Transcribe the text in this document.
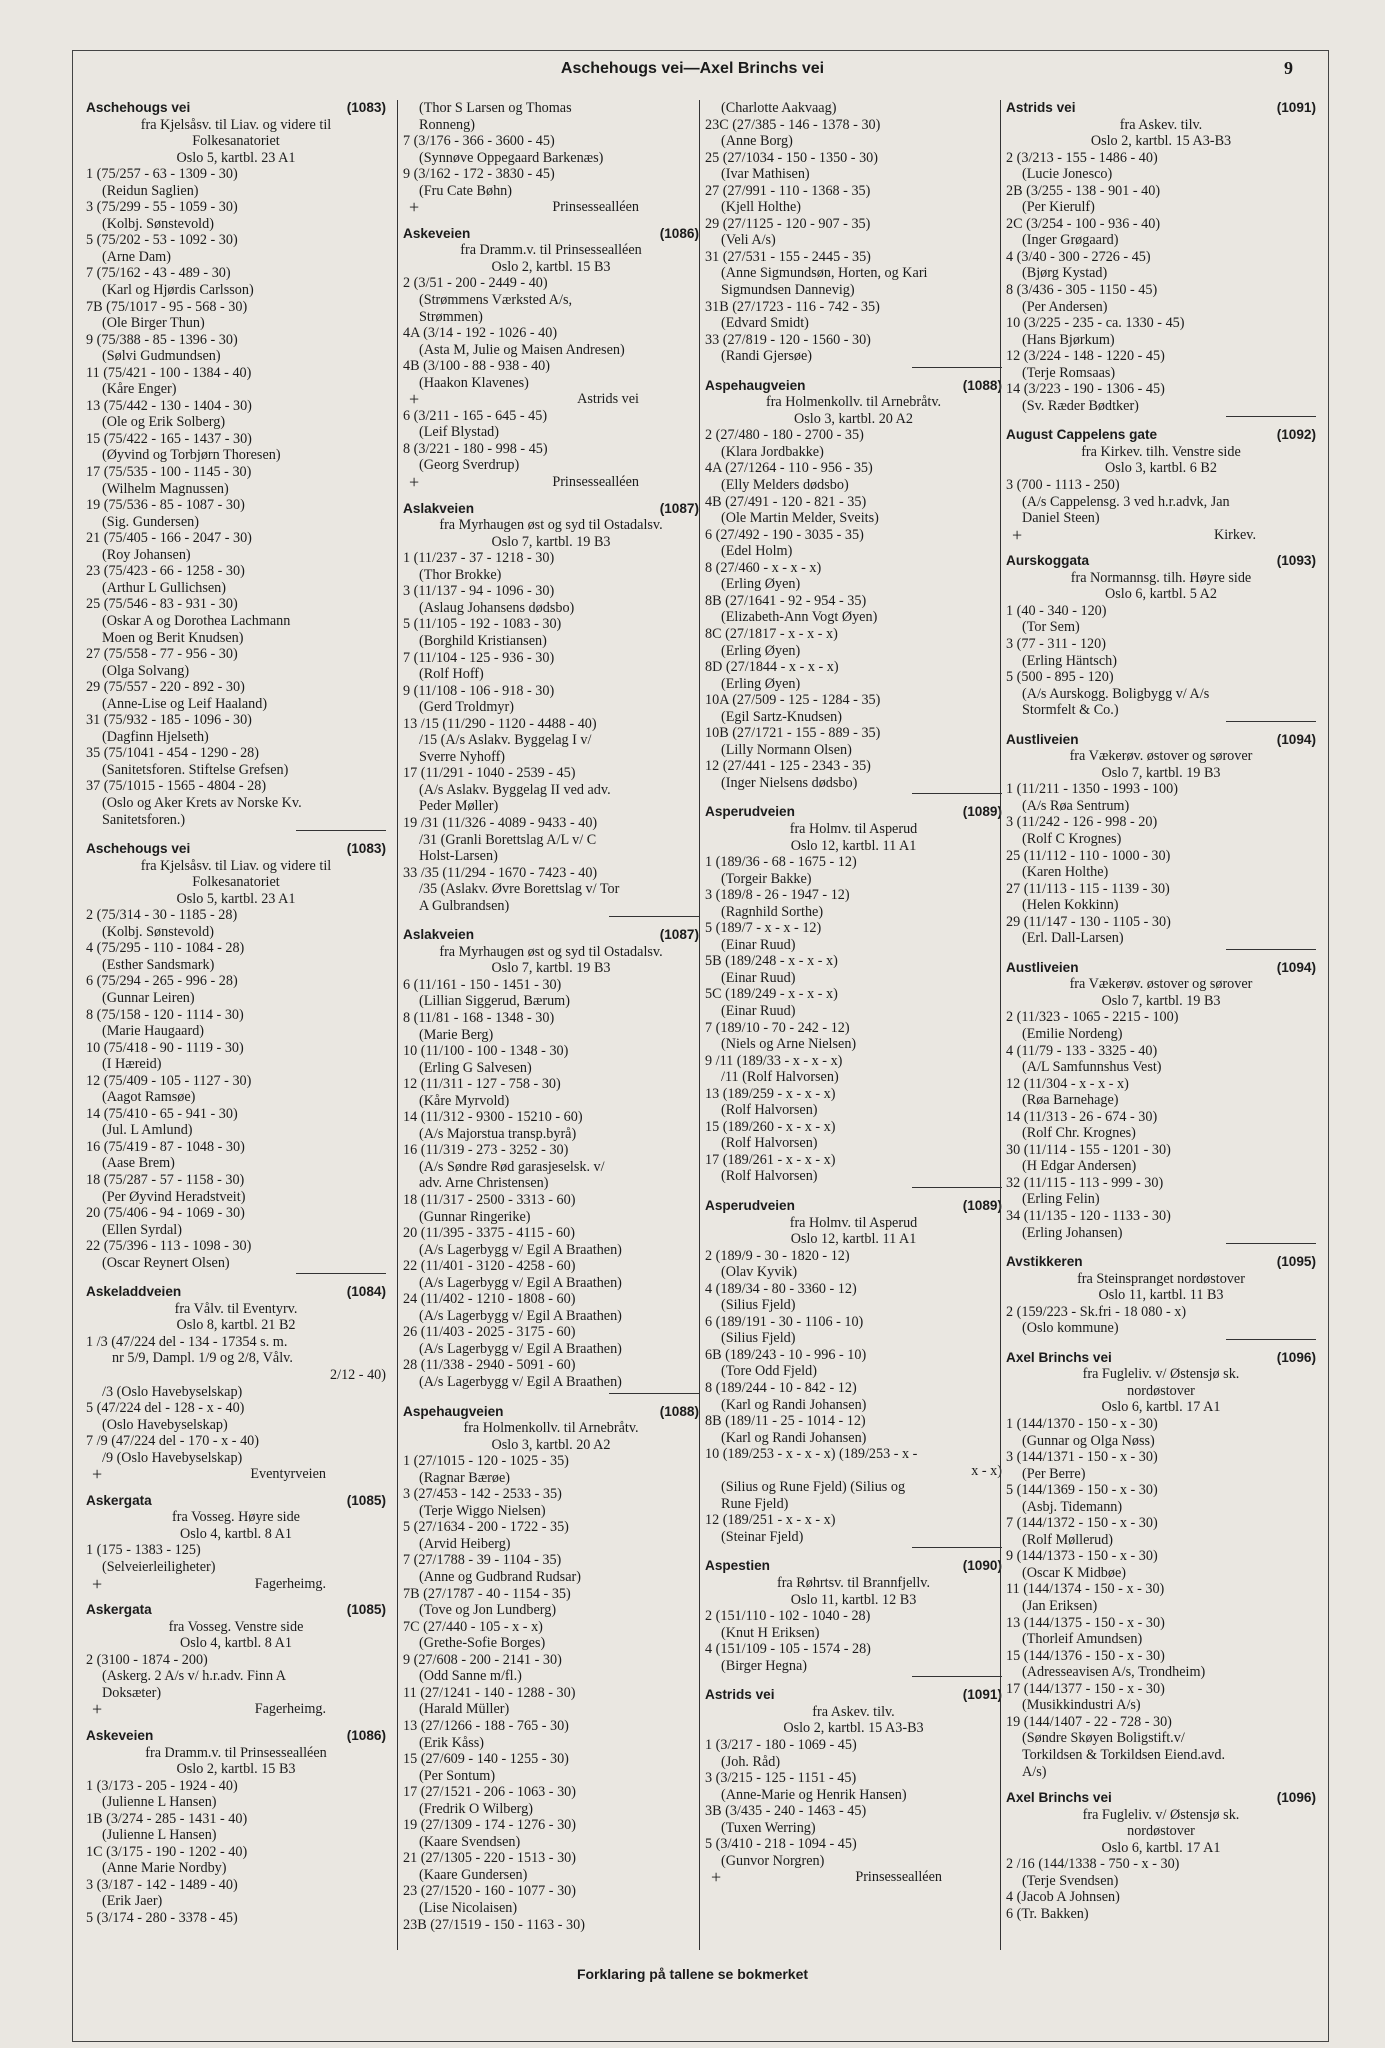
Aschehougs vei—Axel Brinchs vei	9
Aschehougs vei	(1083)
fra Kjelsåsv. til Liav. og videre til
Folkesanatoriet
Oslo 5, kartbl. 23 A1
1 (75/257 - 63 - 1309 - 30)
(Reidun Saglien)
3 (75/299 - 55 - 1059 - 30)
(Kolbj. Sønstevold)
5 (75/202 - 53 - 1092 - 30)
(Arne Dam)
7 (75/162 - 43 - 489 - 30)
(Karl og Hjørdis Carlsson)
7B (75/1017 - 95 - 568 - 30)
(Ole Birger Thun)
9 (75/388 - 85 - 1396 - 30)
(Sølvi Gudmundsen)
11 (75/421 - 100 - 1384 - 40)
(Kåre Enger)
13 (75/442 - 130 - 1404 - 30)
(Ole og Erik Solberg)
15 (75/422 - 165 - 1437 - 30)
(Øyvind og Torbjørn Thoresen)
17 (75/535 - 100 - 1145 - 30)
(Wilhelm Magnussen)
19 (75/536 - 85 - 1087 - 30)
(Sig. Gundersen)
21 (75/405 - 166 - 2047 - 30)
(Roy Johansen)
23 (75/423 - 66 - 1258 - 30)
(Arthur L Gullichsen)
25 (75/546 - 83 - 931 - 30)
(Oskar A og Dorothea Lachmann
Moen og Berit Knudsen)
27 (75/558 - 77 - 956 - 30)
(Olga Solvang)
29 (75/557 - 220 - 892 - 30)
(Anne-Lise og Leif Haaland)
31 (75/932 - 185 - 1096 - 30)
(Dagfinn Hjelseth)
35 (75/1041 - 454 - 1290 - 28)
(Sanitetsforen. Stiftelse Grefsen)
37 (75/1015 - 1565 - 4804 - 28)
(Oslo og Aker Krets av Norske Kv.
Sanitetsforen.)
Aschehougs vei	(1083)
fra Kjelsåsv. til Liav. og videre til
Folkesanatoriet
Oslo 5, kartbl. 23 A1
2 (75/314 - 30 - 1185 - 28)
(Kolbj. Sønstevold)
4 (75/295 - 110 - 1084 - 28)
(Esther Sandsmark)
6 (75/294 - 265 - 996 - 28)
(Gunnar Leiren)
8 (75/158 - 120 - 1114 - 30)
(Marie Haugaard)
10 (75/418 - 90 - 1119 - 30)
(I Hæreid)
12 (75/409 - 105 - 1127 - 30)
(Aagot Ramsøe)
14 (75/410 - 65 - 941 - 30)
(Jul. L Amlund)
16 (75/419 - 87 - 1048 - 30)
(Aase Brem)
18 (75/287 - 57 - 1158 - 30)
(Per Øyvind Heradstveit)
20 (75/406 - 94 - 1069 - 30)
(Ellen Syrdal)
22 (75/396 - 113 - 1098 - 30)
(Oscar Reynert Olsen)
Askeladdveien	(1084)
fra Vålv. til Eventyrv.
Oslo 8, kartbl. 21 B2
1 /3 (47/224 del - 134 - 17354 s. m.
nr 5/9, Dampl. 1/9 og 2/8, Vålv.
2/12 - 40)
/3 (Oslo Havebyselskap)
5 (47/224 del - 128 - x - 40)
(Oslo Havebyselskap)
7 /9 (47/224 del - 170 - x - 40)
/9 (Oslo Havebyselskap)
+	Eventyrveien
Askergata	(1085)
fra Vosseg. Høyre side
Oslo 4, kartbl. 8 A1
1 (175 - 1383 - 125)
(Selveierleiligheter)
+	Fagerheimg.
Askergata	(1085)
fra Vosseg. Venstre side
Oslo 4, kartbl. 8 A1
2 (3100 - 1874 - 200)
(Askerg. 2 A/s v/ h.r.adv. Finn A
Doksæter)
+	Fagerheimg.
Askeveien	(1086)
fra Dramm.v. til Prinsessealléen
Oslo 2, kartbl. 15 B3
1 (3/173 - 205 - 1924 - 40)
(Julienne L Hansen)
1B (3/274 - 285 - 1431 - 40)
(Julienne L Hansen)
1C (3/175 - 190 - 1202 - 40)
(Anne Marie Nordby)
3 (3/187 - 142 - 1489 - 40)
(Erik Jaer)
5 (3/174 - 280 - 3378 - 45)
(Thor S Larsen og Thomas
Ronneng)
7 (3/176 - 366 - 3600 - 45)
(Synnøve Oppegaard Barkenæs)
9 (3/162 - 172 - 3830 - 45)
(Fru Cate Bøhn)
+	Prinsessealléen
Askeveien	(1086)
fra Dramm.v. til Prinsessealléen
Oslo 2, kartbl. 15 B3
2 (3/51 - 200 - 2449 - 40)
(Strømmens Værksted A/s,
Strømmen)
4A (3/14 - 192 - 1026 - 40)
(Asta M, Julie og Maisen Andresen)
4B (3/100 - 88 - 938 - 40)
(Haakon Klavenes)
+	Astrids vei
6 (3/211 - 165 - 645 - 45)
(Leif Blystad)
8 (3/221 - 180 - 998 - 45)
(Georg Sverdrup)
+	Prinsessealléen
Aslakveien	(1087)
fra Myrhaugen øst og syd til Ostadalsv.
Oslo 7, kartbl. 19 B3
1 (11/237 - 37 - 1218 - 30)
(Thor Brokke)
3 (11/137 - 94 - 1096 - 30)
(Aslaug Johansens dødsbo)
5 (11/105 - 192 - 1083 - 30)
(Borghild Kristiansen)
7 (11/104 - 125 - 936 - 30)
(Rolf Hoff)
9 (11/108 - 106 - 918 - 30)
(Gerd Troldmyr)
13 /15 (11/290 - 1120 - 4488 - 40)
/15 (A/s Aslakv. Byggelag I v/
Sverre Nyhoff)
17 (11/291 - 1040 - 2539 - 45)
(A/s Aslakv. Byggelag II ved adv.
Peder Møller)
19 /31 (11/326 - 4089 - 9433 - 40)
/31 (Granli Borettslag A/L v/ C
Holst-Larsen)
33 /35 (11/294 - 1670 - 7423 - 40)
/35 (Aslakv. Øvre Borettslag v/ Tor
A Gulbrandsen)
Aslakveien	(1087)
fra Myrhaugen øst og syd til Ostadalsv.
Oslo 7, kartbl. 19 B3
6 (11/161 - 150 - 1451 - 30)
(Lillian Siggerud, Bærum)
8 (11/81 - 168 - 1348 - 30)
(Marie Berg)
10 (11/100 - 100 - 1348 - 30)
(Erling G Salvesen)
12 (11/311 - 127 - 758 - 30)
(Kåre Myrvold)
14 (11/312 - 9300 - 15210 - 60)
(A/s Majorstua transp.byrå)
16 (11/319 - 273 - 3252 - 30)
(A/s Søndre Rød garasjeselsk. v/
adv. Arne Christensen)
18 (11/317 - 2500 - 3313 - 60)
(Gunnar Ringerike)
20 (11/395 - 3375 - 4115 - 60)
(A/s Lagerbygg v/ Egil A Braathen)
22 (11/401 - 3120 - 4258 - 60)
(A/s Lagerbygg v/ Egil A Braathen)
24 (11/402 - 1210 - 1808 - 60)
(A/s Lagerbygg v/ Egil A Braathen)
26 (11/403 - 2025 - 3175 - 60)
(A/s Lagerbygg v/ Egil A Braathen)
28 (11/338 - 2940 - 5091 - 60)
(A/s Lagerbygg v/ Egil A Braathen)
Aspehaugveien	(1088)
fra Holmenkollv. til Arnebråtv.
Oslo 3, kartbl. 20 A2
1 (27/1015 - 120 - 1025 - 35)
(Ragnar Bærøe)
3 (27/453 - 142 - 2533 - 35)
(Terje Wiggo Nielsen)
5 (27/1634 - 200 - 1722 - 35)
(Arvid Heiberg)
7 (27/1788 - 39 - 1104 - 35)
(Anne og Gudbrand Rudsar)
7B (27/1787 - 40 - 1154 - 35)
(Tove og Jon Lundberg)
7C (27/440 - 105 - x - x)
(Grethe-Sofie Borges)
9 (27/608 - 200 - 2141 - 30)
(Odd Sanne m/fl.)
11 (27/1241 - 140 - 1288 - 30)
(Harald Müller)
13 (27/1266 - 188 - 765 - 30)
(Erik Kåss)
15 (27/609 - 140 - 1255 - 30)
(Per Sontum)
17 (27/1521 - 206 - 1063 - 30)
(Fredrik O Wilberg)
19 (27/1309 - 174 - 1276 - 30)
(Kaare Svendsen)
21 (27/1305 - 220 - 1513 - 30)
(Kaare Gundersen)
23 (27/1520 - 160 - 1077 - 30)
(Lise Nicolaisen)
23B (27/1519 - 150 - 1163 - 30)
(Charlotte Aakvaag)
23C (27/385 - 146 - 1378 - 30)
(Anne Borg)
25 (27/1034 - 150 - 1350 - 30)
(Ivar Mathisen)
27 (27/991 - 110 - 1368 - 35)
(Kjell Holthe)
29 (27/1125 - 120 - 907 - 35)
(Veli A/s)
31 (27/531 - 155 - 2445 - 35)
(Anne Sigmundsøn, Horten, og Kari
Sigmundsen Dannevig)
31B (27/1723 - 116 - 742 - 35)
(Edvard Smidt)
33 (27/819 - 120 - 1560 - 30)
(Randi Gjersøe)
Aspehaugveien	(1088)
fra Holmenkollv. til Arnebråtv.
Oslo 3, kartbl. 20 A2
2 (27/480 - 180 - 2700 - 35)
(Klara Jordbakke)
4A (27/1264 - 110 - 956 - 35)
(Elly Melders dødsbo)
4B (27/491 - 120 - 821 - 35)
(Ole Martin Melder, Sveits)
6 (27/492 - 190 - 3035 - 35)
(Edel Holm)
8 (27/460 - x - x - x)
(Erling Øyen)
8B (27/1641 - 92 - 954 - 35)
(Elizabeth-Ann Vogt Øyen)
8C (27/1817 - x - x - x)
(Erling Øyen)
8D (27/1844 - x - x - x)
(Erling Øyen)
10A (27/509 - 125 - 1284 - 35)
(Egil Sartz-Knudsen)
10B (27/1721 - 155 - 889 - 35)
(Lilly Normann Olsen)
12 (27/441 - 125 - 2343 - 35)
(Inger Nielsens dødsbo)
Asperudveien	(1089)
fra Holmv. til Asperud
Oslo 12, kartbl. 11 A1
1 (189/36 - 68 - 1675 - 12)
(Torgeir Bakke)
3 (189/8 - 26 - 1947 - 12)
(Ragnhild Sorthe)
5 (189/7 - x - x - 12)
(Einar Ruud)
5B (189/248 - x - x - x)
(Einar Ruud)
5C (189/249 - x - x - x)
(Einar Ruud)
7 (189/10 - 70 - 242 - 12)
(Niels og Arne Nielsen)
9 /11 (189/33 - x - x - x)
/11 (Rolf Halvorsen)
13 (189/259 - x - x - x)
(Rolf Halvorsen)
15 (189/260 - x - x - x)
(Rolf Halvorsen)
17 (189/261 - x - x - x)
(Rolf Halvorsen)
Asperudveien	(1089)
fra Holmv. til Asperud
Oslo 12, kartbl. 11 A1
2 (189/9 - 30 - 1820 - 12)
(Olav Kyvik)
4 (189/34 - 80 - 3360 - 12)
(Silius Fjeld)
6 (189/191 - 30 - 1106 - 10)
(Silius Fjeld)
6B (189/243 - 10 - 996 - 10)
(Tore Odd Fjeld)
8 (189/244 - 10 - 842 - 12)
(Karl og Randi Johansen)
8B (189/11 - 25 - 1014 - 12)
(Karl og Randi Johansen)
10 (189/253 - x - x - x) (189/253 - x -
x - x)
(Silius og Rune Fjeld) (Silius og
Rune Fjeld)
12 (189/251 - x - x - x)
(Steinar Fjeld)
Aspestien	(1090)
fra Røhrtsv. til Brannfjellv.
Oslo 11, kartbl. 12 B3
2 (151/110 - 102 - 1040 - 28)
(Knut H Eriksen)
4 (151/109 - 105 - 1574 - 28)
(Birger Hegna)
Astrids vei	(1091)
fra Askev. tilv.
Oslo 2, kartbl. 15 A3-B3
1 (3/217 - 180 - 1069 - 45)
(Joh. Råd)
3 (3/215 - 125 - 1151 - 45)
(Anne-Marie og Henrik Hansen)
3B (3/435 - 240 - 1463 - 45)
(Tuxen Werring)
5 (3/410 - 218 - 1094 - 45)
(Gunvor Norgren)
+	Prinsessealléen
Astrids vei	(1091)
fra Askev. tilv.
Oslo 2, kartbl. 15 A3-B3
2 (3/213 - 155 - 1486 - 40)
(Lucie Jonesco)
2B (3/255 - 138 - 901 - 40)
(Per Kierulf)
2C (3/254 - 100 - 936 - 40)
(Inger Grøgaard)
4 (3/40 - 300 - 2726 - 45)
(Bjørg Kystad)
8 (3/436 - 305 - 1150 - 45)
(Per Andersen)
10 (3/225 - 235 - ca. 1330 - 45)
(Hans Bjørkum)
12 (3/224 - 148 - 1220 - 45)
(Terje Romsaas)
14 (3/223 - 190 - 1306 - 45)
(Sv. Ræder Bødtker)
August Cappelens gate	(1092)
fra Kirkev. tilh. Venstre side
Oslo 3, kartbl. 6 B2
3 (700 - 1113 - 250)
(A/s Cappelensg. 3 ved h.r.advk, Jan
Daniel Steen)
+	Kirkev.
Aurskoggata	(1093)
fra Normannsg. tilh. Høyre side
Oslo 6, kartbl. 5 A2
1 (40 - 340 - 120)
(Tor Sem)
3 (77 - 311 - 120)
(Erling Häntsch)
5 (500 - 895 - 120)
(A/s Aurskogg. Boligbygg v/ A/s
Stormfelt & Co.)
Austliveien	(1094)
fra Vækerøv. østover og sørover
Oslo 7, kartbl. 19 B3
1 (11/211 - 1350 - 1993 - 100)
(A/s Røa Sentrum)
3 (11/242 - 126 - 998 - 20)
(Rolf C Krognes)
25 (11/112 - 110 - 1000 - 30)
(Karen Holthe)
27 (11/113 - 115 - 1139 - 30)
(Helen Kokkinn)
29 (11/147 - 130 - 1105 - 30)
(Erl. Dall-Larsen)
Austliveien	(1094)
fra Vækerøv. østover og sørover
Oslo 7, kartbl. 19 B3
2 (11/323 - 1065 - 2215 - 100)
(Emilie Nordeng)
4 (11/79 - 133 - 3325 - 40)
(A/L Samfunnshus Vest)
12 (11/304 - x - x - x)
(Røa Barnehage)
14 (11/313 - 26 - 674 - 30)
(Rolf Chr. Krognes)
30 (11/114 - 155 - 1201 - 30)
(H Edgar Andersen)
32 (11/115 - 113 - 999 - 30)
(Erling Felin)
34 (11/135 - 120 - 1133 - 30)
(Erling Johansen)
Avstikkeren	(1095)
fra Steinspranget nordøstover
Oslo 11, kartbl. 11 B3
2 (159/223 - Sk.fri - 18 080 - x)
(Oslo kommune)
Axel Brinchs vei	(1096)
fra Fugleliv. v/ Østensjø sk.
nordøstover
Oslo 6, kartbl. 17 A1
1 (144/1370 - 150 - x - 30)
(Gunnar og Olga Nøss)
3 (144/1371 - 150 - x - 30)
(Per Berre)
5 (144/1369 - 150 - x - 30)
(Asbj. Tidemann)
7 (144/1372 - 150 - x - 30)
(Rolf Møllerud)
9 (144/1373 - 150 - x - 30)
(Oscar K Midbøe)
11 (144/1374 - 150 - x - 30)
(Jan Eriksen)
13 (144/1375 - 150 - x - 30)
(Thorleif Amundsen)
15 (144/1376 - 150 - x - 30)
(Adresseavisen A/s, Trondheim)
17 (144/1377 - 150 - x - 30)
(Musikkindustri A/s)
19 (144/1407 - 22 - 728 - 30)
(Søndre Skøyen Boligstift.v/
Torkildsen & Torkildsen Eiend.avd.
A/s)
Axel Brinchs vei	(1096)
fra Fugleliv. v/ Østensjø sk.
nordøstover
Oslo 6, kartbl. 17 A1
2 /16 (144/1338 - 750 - x - 30)
(Terje Svendsen)
4 (Jacob A Johnsen)
6 (Tr. Bakken)
Forklaring på tallene se bokmerket
